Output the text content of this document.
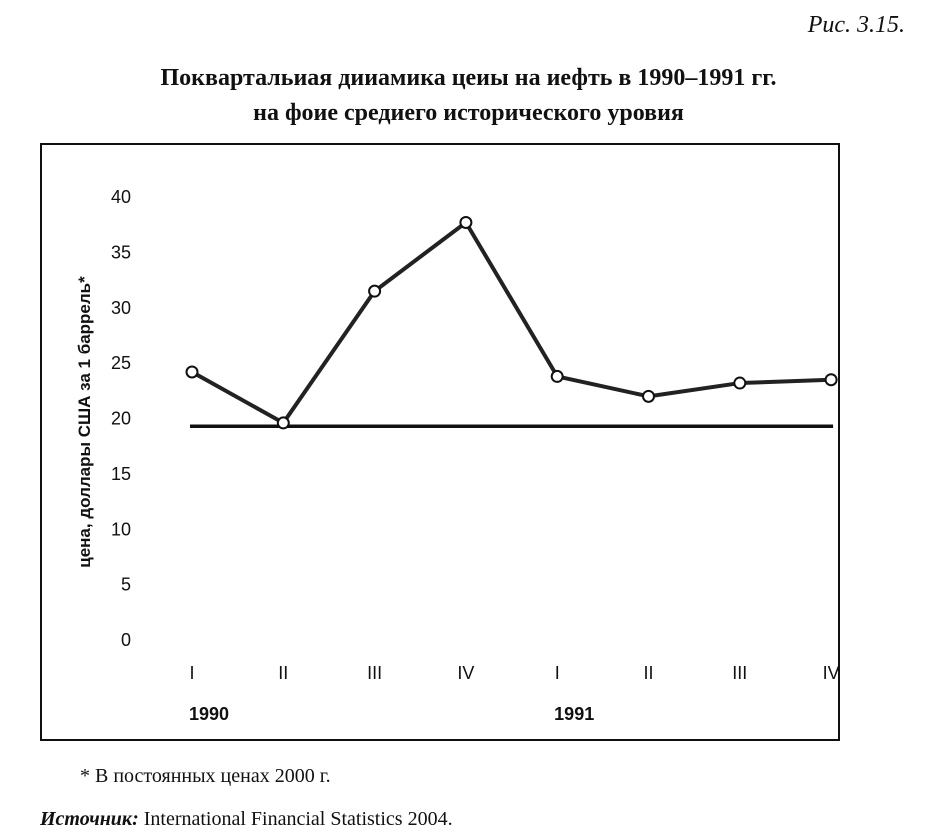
Рис. 3.15.
Поквартальиая дииамика цеиы на иефть в 1990–1991 гг.
на фоие средиего исторического уровия
цена, доллары США за 1 баррель*
0
5
10
15
20
25
30
35
40
I	II	III	IV	I	II	III	IV
1990	1991
* В постоянных ценах 2000 г.
Источник: International Financial Statistics 2004.
